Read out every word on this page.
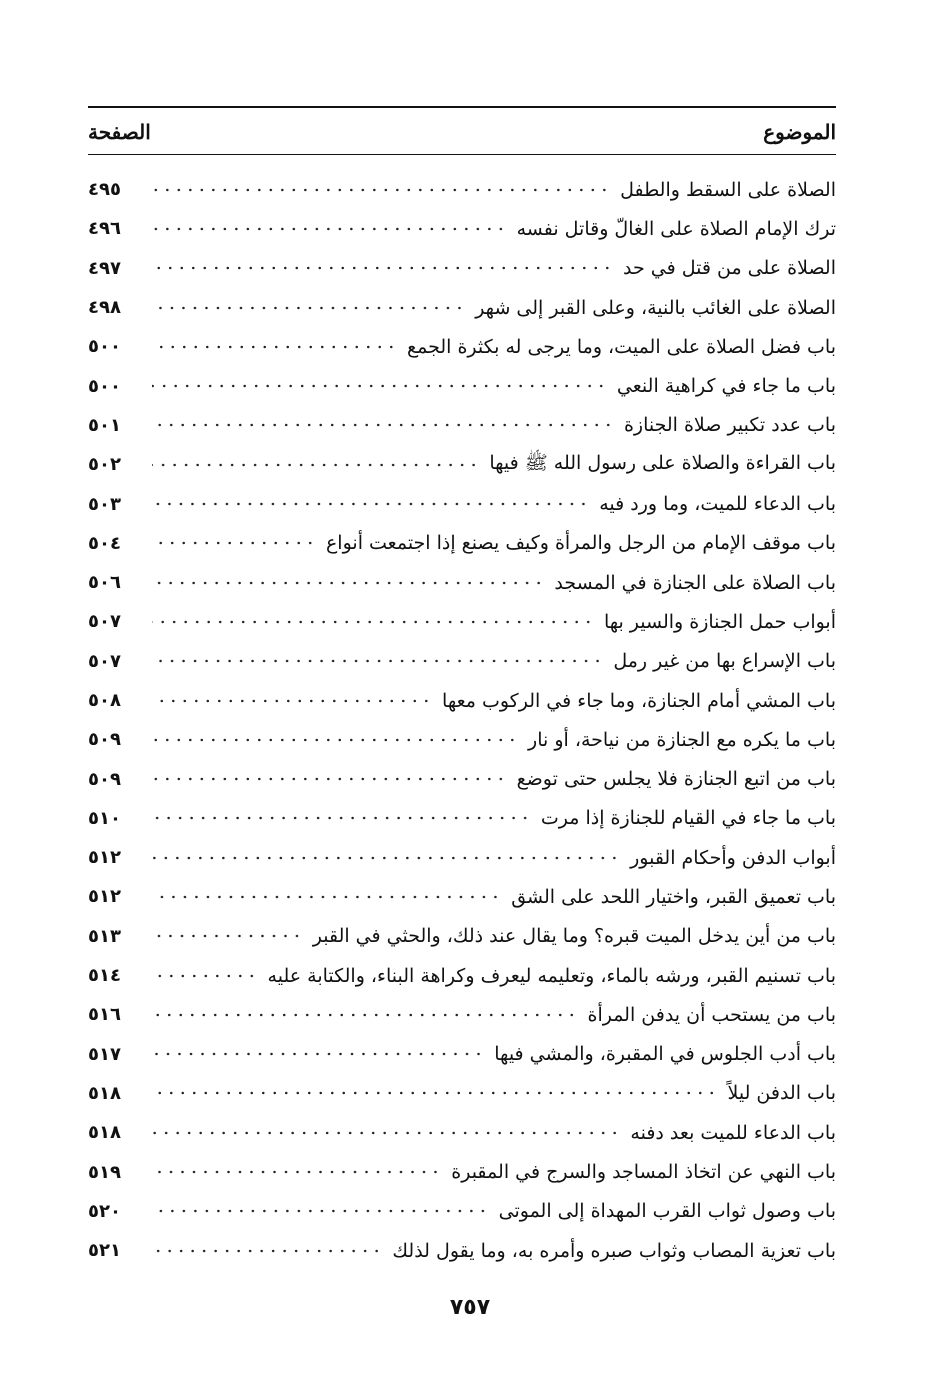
الموضوع
الصفحة
الصلاة على السقط والطفل
٤٩٥
ترك الإمام الصلاة على الغالّ وقاتل نفسه
٤٩٦
الصلاة على من قتل في حد
٤٩٧
الصلاة على الغائب بالنية، وعلى القبر إلى شهر
٤٩٨
باب فضل الصلاة على الميت، وما يرجى له بكثرة الجمع
٥٠٠
باب ما جاء في كراهية النعي
٥٠٠
باب عدد تكبير صلاة الجنازة
٥٠١
باب القراءة والصلاة على رسول الله ﷺ فيها
٥٠٢
باب الدعاء للميت، وما ورد فيه
٥٠٣
باب موقف الإمام من الرجل والمرأة وكيف يصنع إذا اجتمعت أنواع
٥٠٤
باب الصلاة على الجنازة في المسجد
٥٠٦
أبواب حمل الجنازة والسير بها
٥٠٧
باب الإسراع بها من غير رمل
٥٠٧
باب المشي أمام الجنازة، وما جاء في الركوب معها
٥٠٨
باب ما يكره مع الجنازة من نياحة، أو نار
٥٠٩
باب من اتبع الجنازة فلا يجلس حتى توضع
٥٠٩
باب ما جاء في القيام للجنازة إذا مرت
٥١٠
أبواب الدفن وأحكام القبور
٥١٢
باب تعميق القبر، واختيار اللحد على الشق
٥١٢
باب من أين يدخل الميت قبره؟ وما يقال عند ذلك، والحثي في القبر
٥١٣
باب تسنيم القبر، ورشه بالماء، وتعليمه ليعرف وكراهة البناء، والكتابة عليه
٥١٤
باب من يستحب أن يدفن المرأة
٥١٦
باب أدب الجلوس في المقبرة، والمشي فيها
٥١٧
باب الدفن ليلاً
٥١٨
باب الدعاء للميت بعد دفنه
٥١٨
باب النهي عن اتخاذ المساجد والسرج في المقبرة
٥١٩
باب وصول ثواب القرب المهداة إلى الموتى
٥٢٠
باب تعزية المصاب وثواب صبره وأمره به، وما يقول لذلك
٥٢١
٧٥٧
